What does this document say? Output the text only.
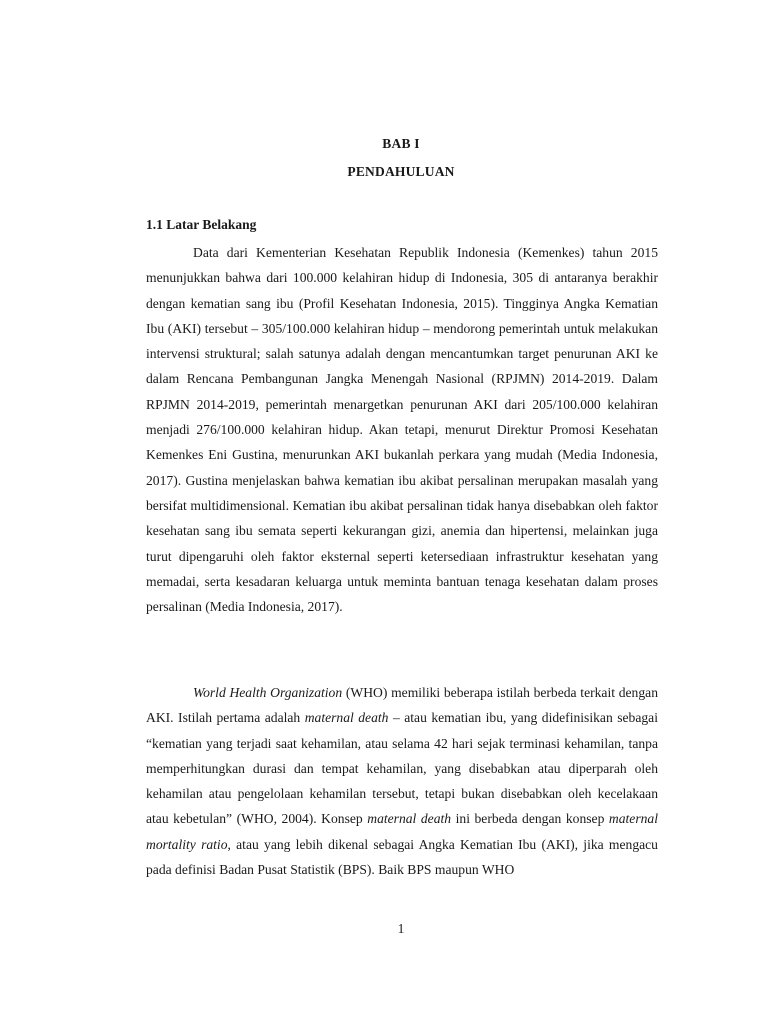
BAB I
PENDAHULUAN
1.1 Latar Belakang

Data dari Kementerian Kesehatan Republik Indonesia (Kemenkes) tahun 2015 menunjukkan bahwa dari 100.000 kelahiran hidup di Indonesia, 305 di antaranya berakhir dengan kematian sang ibu (Profil Kesehatan Indonesia, 2015). Tingginya Angka Kematian Ibu (AKI) tersebut – 305/100.000 kelahiran hidup – mendorong pemerintah untuk melakukan intervensi struktural; salah satunya adalah dengan mencantumkan target penurunan AKI ke dalam Rencana Pembangunan Jangka Menengah Nasional (RPJMN) 2014-2019. Dalam RPJMN 2014-2019, pemerintah menargetkan penurunan AKI dari 205/100.000 kelahiran menjadi 276/100.000 kelahiran hidup. Akan tetapi, menurut Direktur Promosi Kesehatan Kemenkes Eni Gustina, menurunkan AKI bukanlah perkara yang mudah (Media Indonesia, 2017). Gustina menjelaskan bahwa kematian ibu akibat persalinan merupakan masalah yang bersifat multidimensional. Kematian ibu akibat persalinan tidak hanya disebabkan oleh faktor kesehatan sang ibu semata seperti kekurangan gizi, anemia dan hipertensi, melainkan juga turut dipengaruhi oleh faktor eksternal seperti ketersediaan infrastruktur kesehatan yang memadai, serta kesadaran keluarga untuk meminta bantuan tenaga kesehatan dalam proses persalinan (Media Indonesia, 2017).

World Health Organization (WHO) memiliki beberapa istilah berbeda terkait dengan AKI. Istilah pertama adalah maternal death – atau kematian ibu, yang didefinisikan sebagai “kematian yang terjadi saat kehamilan, atau selama 42 hari sejak terminasi kehamilan, tanpa memperhitungkan durasi dan tempat kehamilan, yang disebabkan atau diperparah oleh kehamilan atau pengelolaan kehamilan tersebut, tetapi bukan disebabkan oleh kecelakaan atau kebetulan” (WHO, 2004). Konsep maternal death ini berbeda dengan konsep maternal mortality ratio, atau yang lebih dikenal sebagai Angka Kematian Ibu (AKI), jika mengacu pada definisi Badan Pusat Statistik (BPS). Baik BPS maupun WHO

1
